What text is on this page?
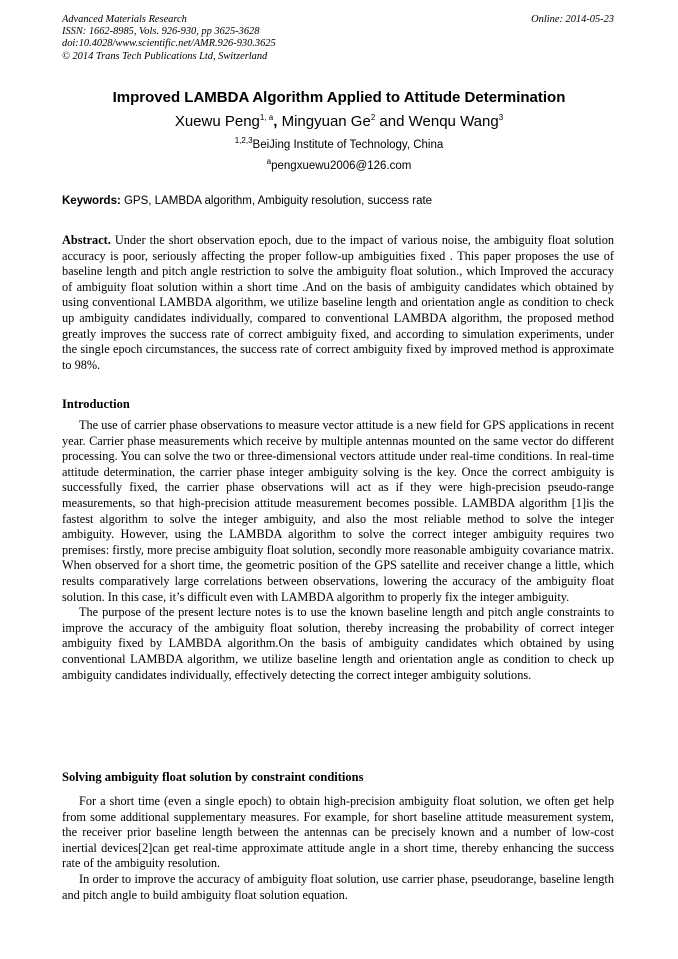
Advanced Materials Research
ISSN: 1662-8985, Vols. 926-930, pp 3625-3628
doi:10.4028/www.scientific.net/AMR.926-930.3625
© 2014 Trans Tech Publications Ltd, Switzerland
Online: 2014-05-23
Improved LAMBDA Algorithm Applied to Attitude Determination
Xuewu Peng$^{1, a}$, Mingyuan Ge$^2$ and Wenqu Wang$^3$
$^{1,2,3}$BeiJing Institute of Technology, China
$^a$pengxuewu2006@126.com
Keywords: GPS, LAMBDA algorithm, Ambiguity resolution, success rate

Abstract. Under the short observation epoch, due to the impact of various noise, the ambiguity float solution accuracy is poor, seriously affecting the proper follow-up ambiguities fixed . This paper proposes the use of baseline length and pitch angle restriction to solve the ambiguity float solution., which Improved the accuracy of ambiguity float solution within a short time .And on the basis of ambiguity candidates which obtained by using conventional LAMBDA algorithm, we utilize baseline length and orientation angle as condition to check up ambiguity candidates individually, compared to conventional LAMBDA algorithm, the proposed method greatly improves the success rate of correct ambiguity fixed, and according to simulation experiments, under the single epoch circumstances, the success rate of correct ambiguity fixed by improved method is approximate to 98%.

Introduction

The use of carrier phase observations to measure vector attitude is a new field for GPS applications in recent year. Carrier phase measurements which receive by multiple antennas mounted on the same vector do different processing. You can solve the two or three-dimensional vectors attitude under real-time conditions. In real-time attitude determination, the carrier phase integer ambiguity solving is the key. Once the correct ambiguity is successfully fixed, the carrier phase observations will act as if they were high-precision pseudo-range measurements, so that high-precision attitude measurement becomes possible. LAMBDA algorithm [1]is the fastest algorithm to solve the integer ambiguity, and also the most reliable method to solve the integer ambiguity. However, using the LAMBDA algorithm to solve the correct integer ambiguity requires two premises: firstly, more precise ambiguity float solution, secondly more reasonable ambiguity covariance matrix. When observed for a short time, the geometric position of the GPS satellite and receiver change a little, which results comparatively large correlations between observations, lowering the accuracy of the ambiguity float solution. In this case, it’s difficult even with LAMBDA algorithm to properly fix the integer ambiguity.

The purpose of the present lecture notes is to use the known baseline length and pitch angle constraints to improve the accuracy of the ambiguity float solution, thereby increasing the probability of correct integer ambiguity fixed by LAMBDA algorithm.On the basis of ambiguity candidates which obtained by using conventional LAMBDA algorithm, we utilize baseline length and orientation angle as condition to check up ambiguity candidates individually, effectively detecting the correct integer ambiguity solutions.

Solving ambiguity float solution by constraint conditions

For a short time (even a single epoch) to obtain high-precision ambiguity float solution, we often get help from some additional supplementary measures. For example, for short baseline attitude measurement system, the receiver prior baseline length between the antennas can be precisely known and a number of low-cost inertial devices[2]can get real-time approximate attitude angle in a short time, thereby enhancing the success rate of the ambiguity resolution.

In order to improve the accuracy of ambiguity float solution, use carrier phase, pseudorange, baseline length and pitch angle to build ambiguity float solution equation.
